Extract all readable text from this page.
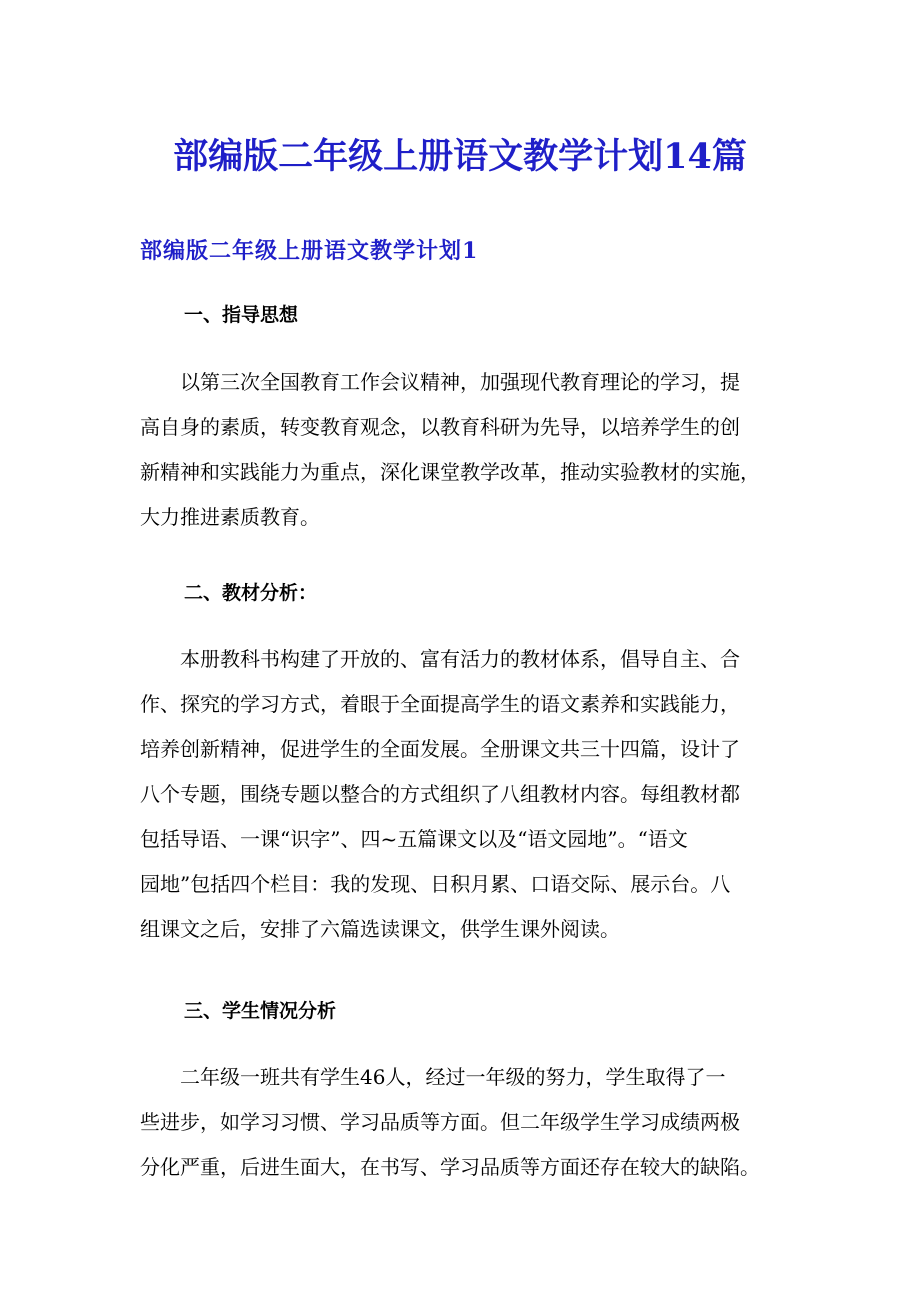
部编版二年级上册语文教学计划14篇
部编版二年级上册语文教学计划1
一、指导思想
　　以第三次全国教育工作会议精神，加强现代教育理论的学习，提
高自身的素质，转变教育观念，以教育科研为先导，以培养学生的创
新精神和实践能力为重点，深化课堂教学改革，推动实验教材的实施，
大力推进素质教育。
二、教材分析：
　　本册教科书构建了开放的、富有活力的教材体系，倡导自主、合
作、探究的学习方式，着眼于全面提高学生的语文素养和实践能力，
培养创新精神，促进学生的全面发展。全册课文共三十四篇，设计了
八个专题，围绕专题以整合的方式组织了八组教材内容。每组教材都
包括导语、一课“识字”、四~五篇课文以及“语文园地”。“语文
园地”包括四个栏目：我的发现、日积月累、口语交际、展示台。八
组课文之后，安排了六篇选读课文，供学生课外阅读。
三、学生情况分析
　　二年级一班共有学生46人，经过一年级的努力，学生取得了一
些进步，如学习习惯、学习品质等方面。但二年级学生学习成绩两极
分化严重，后进生面大，在书写、学习品质等方面还存在较大的缺陷。
